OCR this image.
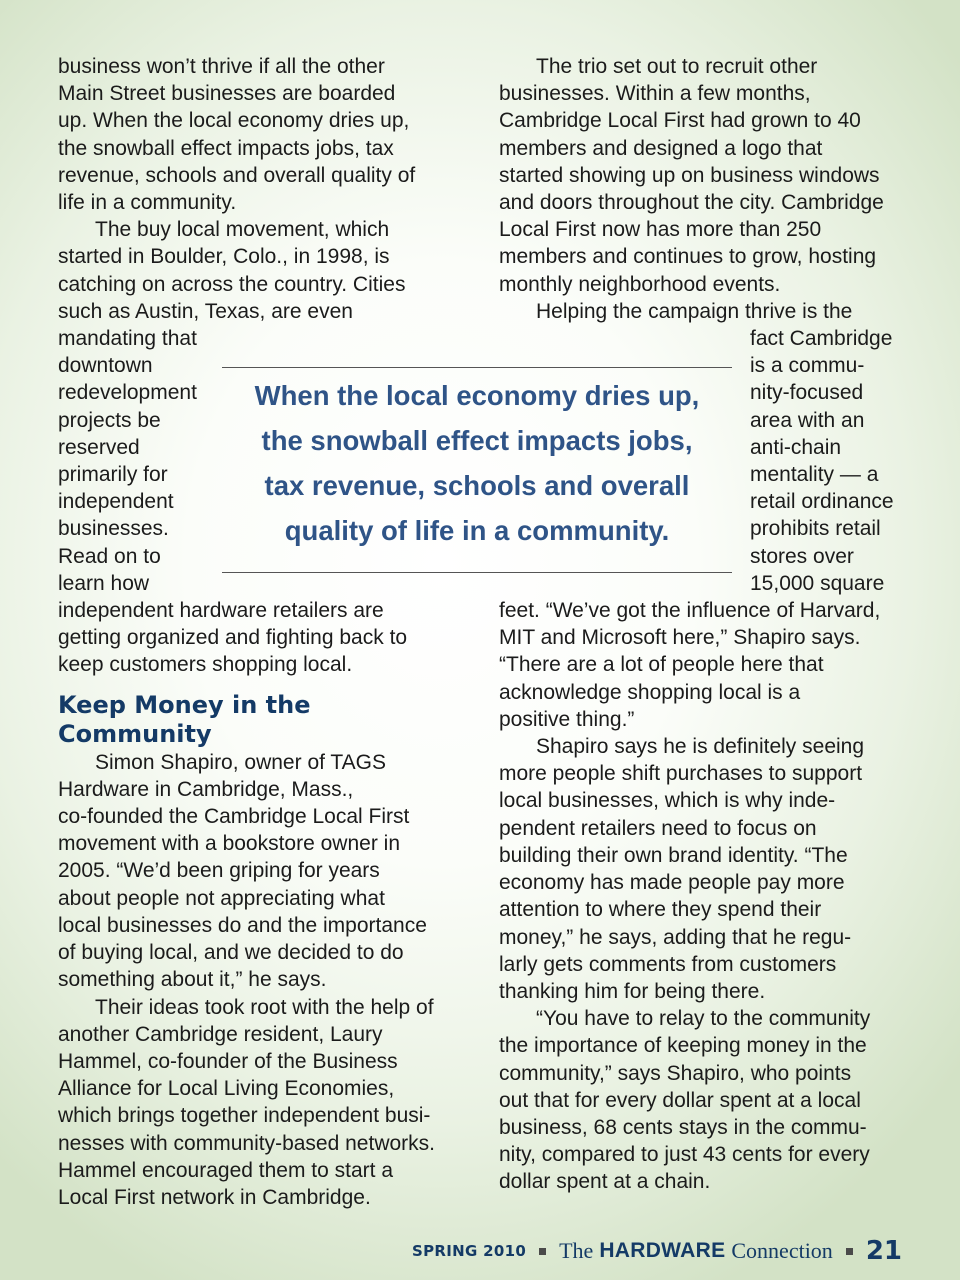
business won’t thrive if all the other
Main Street businesses are boarded
up. When the local economy dries up,
the snowball effect impacts jobs, tax
revenue, schools and overall quality of
life in a community.
The buy local movement, which
started in Boulder, Colo., in 1998, is
catching on across the country. Cities
such as Austin, Texas, are even
mandating that
downtown
redevelopment
projects be
reserved
primarily for
independent
businesses.
Read on to
learn how
independent hardware retailers are
getting organized and fighting back to
keep customers shopping local.
Keep Money in the
Community
Simon Shapiro, owner of TAGS
Hardware in Cambridge, Mass.,
co-founded the Cambridge Local First
movement with a bookstore owner in
2005. “We’d been griping for years
about people not appreciating what
local businesses do and the importance
of buying local, and we decided to do
something about it,” he says.
Their ideas took root with the help of
another Cambridge resident, Laury
Hammel, co-founder of the Business
Alliance for Local Living Economies,
which brings together independent busi-
nesses with community-based networks.
Hammel encouraged them to start a
Local First network in Cambridge.
The trio set out to recruit other
businesses. Within a few months,
Cambridge Local First had grown to 40
members and designed a logo that
started showing up on business windows
and doors throughout the city. Cambridge
Local First now has more than 250
members and continues to grow, hosting
monthly neighborhood events.
Helping the campaign thrive is the
fact Cambridge
is a commu-
nity-focused
area with an
anti-chain
mentality — a
retail ordinance
prohibits retail
stores over
15,000 square
feet. “We’ve got the influence of Harvard,
MIT and Microsoft here,” Shapiro says.
“There are a lot of people here that
acknowledge shopping local is a
positive thing.”
Shapiro says he is definitely seeing
more people shift purchases to support
local businesses, which is why inde-
pendent retailers need to focus on
building their own brand identity. “The
economy has made people pay more
attention to where they spend their
money,” he says, adding that he regu-
larly gets comments from customers
thanking him for being there.
“You have to relay to the community
the importance of keeping money in the
community,” says Shapiro, who points
out that for every dollar spent at a local
business, 68 cents stays in the commu-
nity, compared to just 43 cents for every
dollar spent at a chain.
When the local economy dries up,
the snowball effect impacts jobs,
tax revenue, schools and overall
quality of life in a community.
SPRING 2010 The HARDWARE Connection 21
